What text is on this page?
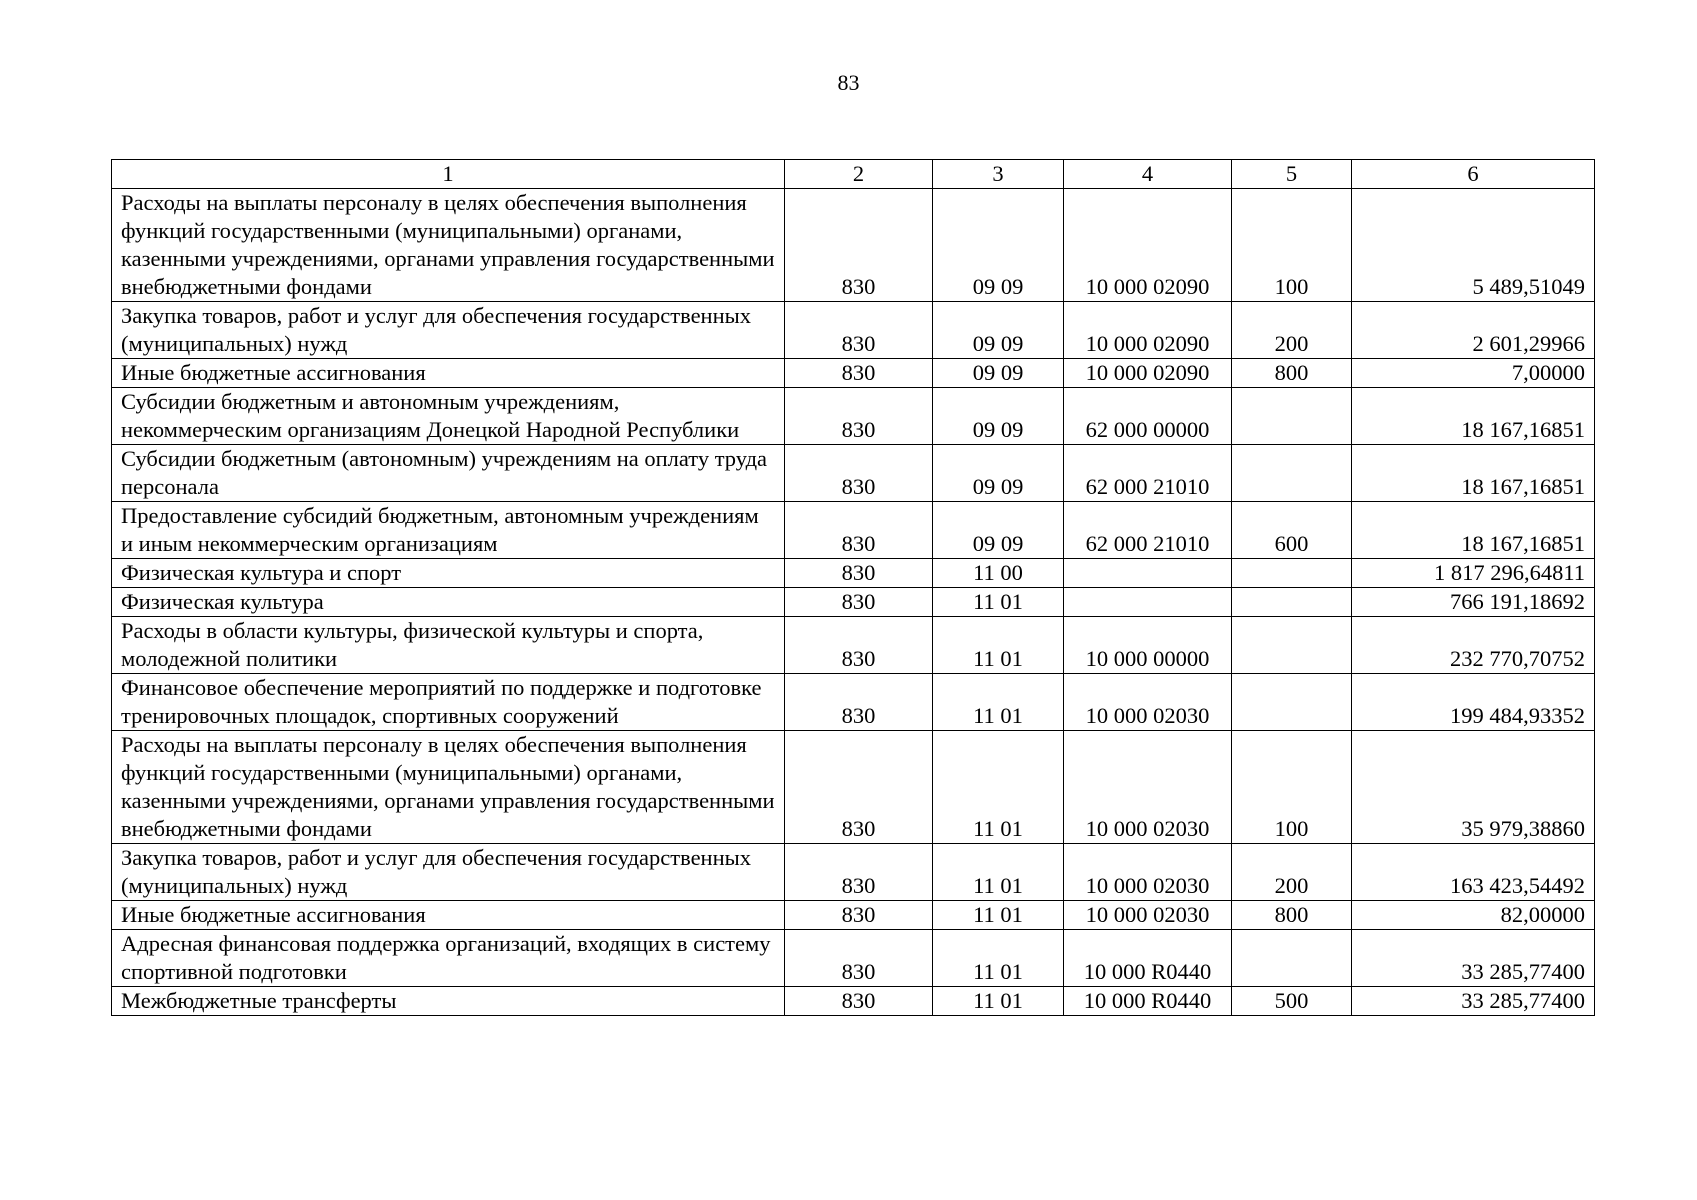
83
1	2	3	4	5	6
Расходы на выплаты персоналу в целях обеспечения выполнения функций государственными (муниципальными) органами, казенными учреждениями, органами управления государственными внебюджетными фондами	830	09 09	10 000 02090	100	5 489,51049
Закупка товаров, работ и услуг для обеспечения государственных (муниципальных) нужд	830	09 09	10 000 02090	200	2 601,29966
Иные бюджетные ассигнования	830	09 09	10 000 02090	800	7,00000
Субсидии бюджетным и автономным учреждениям, некоммерческим организациям Донецкой Народной Республики	830	09 09	62 000 00000		18 167,16851
Субсидии бюджетным (автономным) учреждениям на оплату труда персонала	830	09 09	62 000 21010		18 167,16851
Предоставление субсидий бюджетным, автономным учреждениям и иным некоммерческим организациям	830	09 09	62 000 21010	600	18 167,16851
Физическая культура и спорт	830	11 00			1 817 296,64811
Физическая культура	830	11 01			766 191,18692
Расходы в области культуры, физической культуры и спорта, молодежной политики	830	11 01	10 000 00000		232 770,70752
Финансовое обеспечение мероприятий по поддержке и подготовке тренировочных площадок, спортивных сооружений	830	11 01	10 000 02030		199 484,93352
Расходы на выплаты персоналу в целях обеспечения выполнения функций государственными (муниципальными) органами, казенными учреждениями, органами управления государственными внебюджетными фондами	830	11 01	10 000 02030	100	35 979,38860
Закупка товаров, работ и услуг для обеспечения государственных (муниципальных) нужд	830	11 01	10 000 02030	200	163 423,54492
Иные бюджетные ассигнования	830	11 01	10 000 02030	800	82,00000
Адресная финансовая поддержка организаций, входящих в систему спортивной подготовки	830	11 01	10 000 R0440		33 285,77400
Межбюджетные трансферты	830	11 01	10 000 R0440	500	33 285,77400
